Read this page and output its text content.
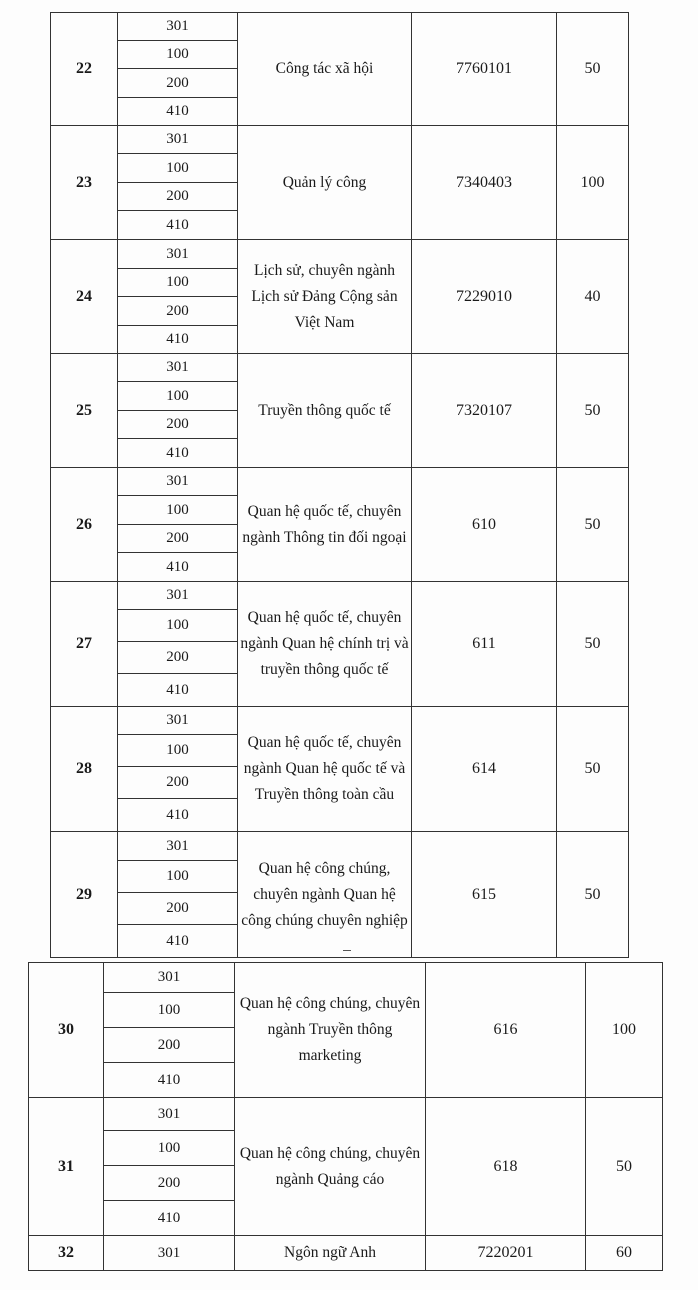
22	301	Công tác xã hội	7760101	50
	100			
	200			
	410			
23	301	Quản lý công	7340403	100
	100			
	200			
	410			
24	301	Lịch sử, chuyên ngành Lịch sử Đảng Cộng sản Việt Nam	7229010	40
	100			
	200			
	410			
25	301	Truyền thông quốc tế	7320107	50
	100			
	200			
	410			
26	301	Quan hệ quốc tế, chuyên ngành Thông tin đối ngoại	610	50
	100			
	200			
	410			
27	301	Quan hệ quốc tế, chuyên ngành Quan hệ chính trị và truyền thông quốc tế	611	50
	100			
	200			
	410			
28	301	Quan hệ quốc tế, chuyên ngành Quan hệ quốc tế và Truyền thông toàn cầu	614	50
	100			
	200			
	410			
29	301	Quan hệ công chúng, chuyên ngành Quan hệ công chúng chuyên nghiệp	615	50
	100			
	200			
	410			
30	301	Quan hệ công chúng, chuyên ngành Truyền thông marketing	616	100
	100			
	200			
	410			
31	301	Quan hệ công chúng, chuyên ngành Quảng cáo	618	50
	100			
	200			
	410			
32	301	Ngôn ngữ Anh	7220201	60
